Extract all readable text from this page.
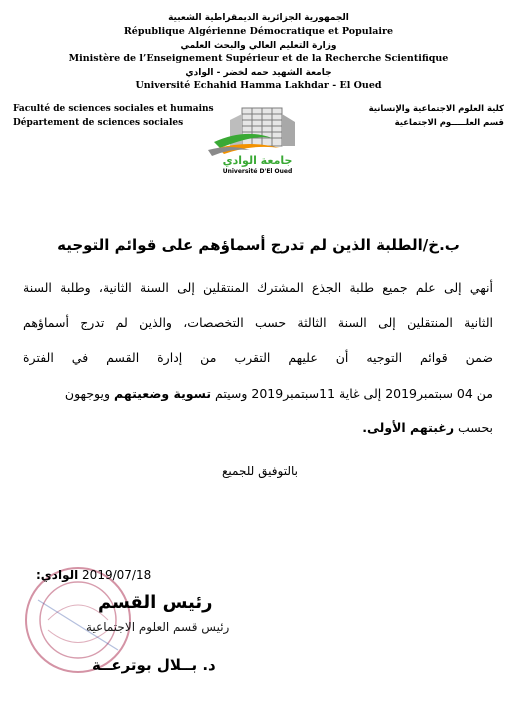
الجمهورية الجزائرية الديمقراطية الشعبية
République Algérienne Démocratique et Populaire
وزارة التعليم العالي والبحث العلمي
Ministère de l’Enseignement Supérieur et de la Recherche Scientifique
جامعة الشهيد حمه لخضر - الوادي
Université Echahid Hamma Lakhdar - El Oued
Faculté de sciences sociales et humains
Département de sciences sociales
كلية العلوم الاجتماعية والإنسانية
قسم العلـــــوم الاجتماعية
جامعة الوادي
Université D'El Oued
ب.خ/الطلبة الذين لم تدرج أسماؤهم على قوائم التوجيه
أنهي إلى علم جميع طلبة الجذع المشترك المنتقلين إلى السنة الثانية، وطلبة السنة
الثانية المنتقلين إلى السنة الثالثة حسب التخصصات، والذين لم تدرج أسماؤهم
ضمن قوائم التوجيه أن عليهم التقرب من إدارة القسم في الفترة
من 04 سبتمبر2019 إلى غاية 11سبتمبر2019 وسيتم تسوية وضعيتهم ويوجهون
بحسب رغبتهم الأولى.
بالتوفيق للجميع
2019/07/18 الوادي:
رئيس القسم
رئيس قسم العلوم الاجتماعية
د. بــلال بوترعــة
